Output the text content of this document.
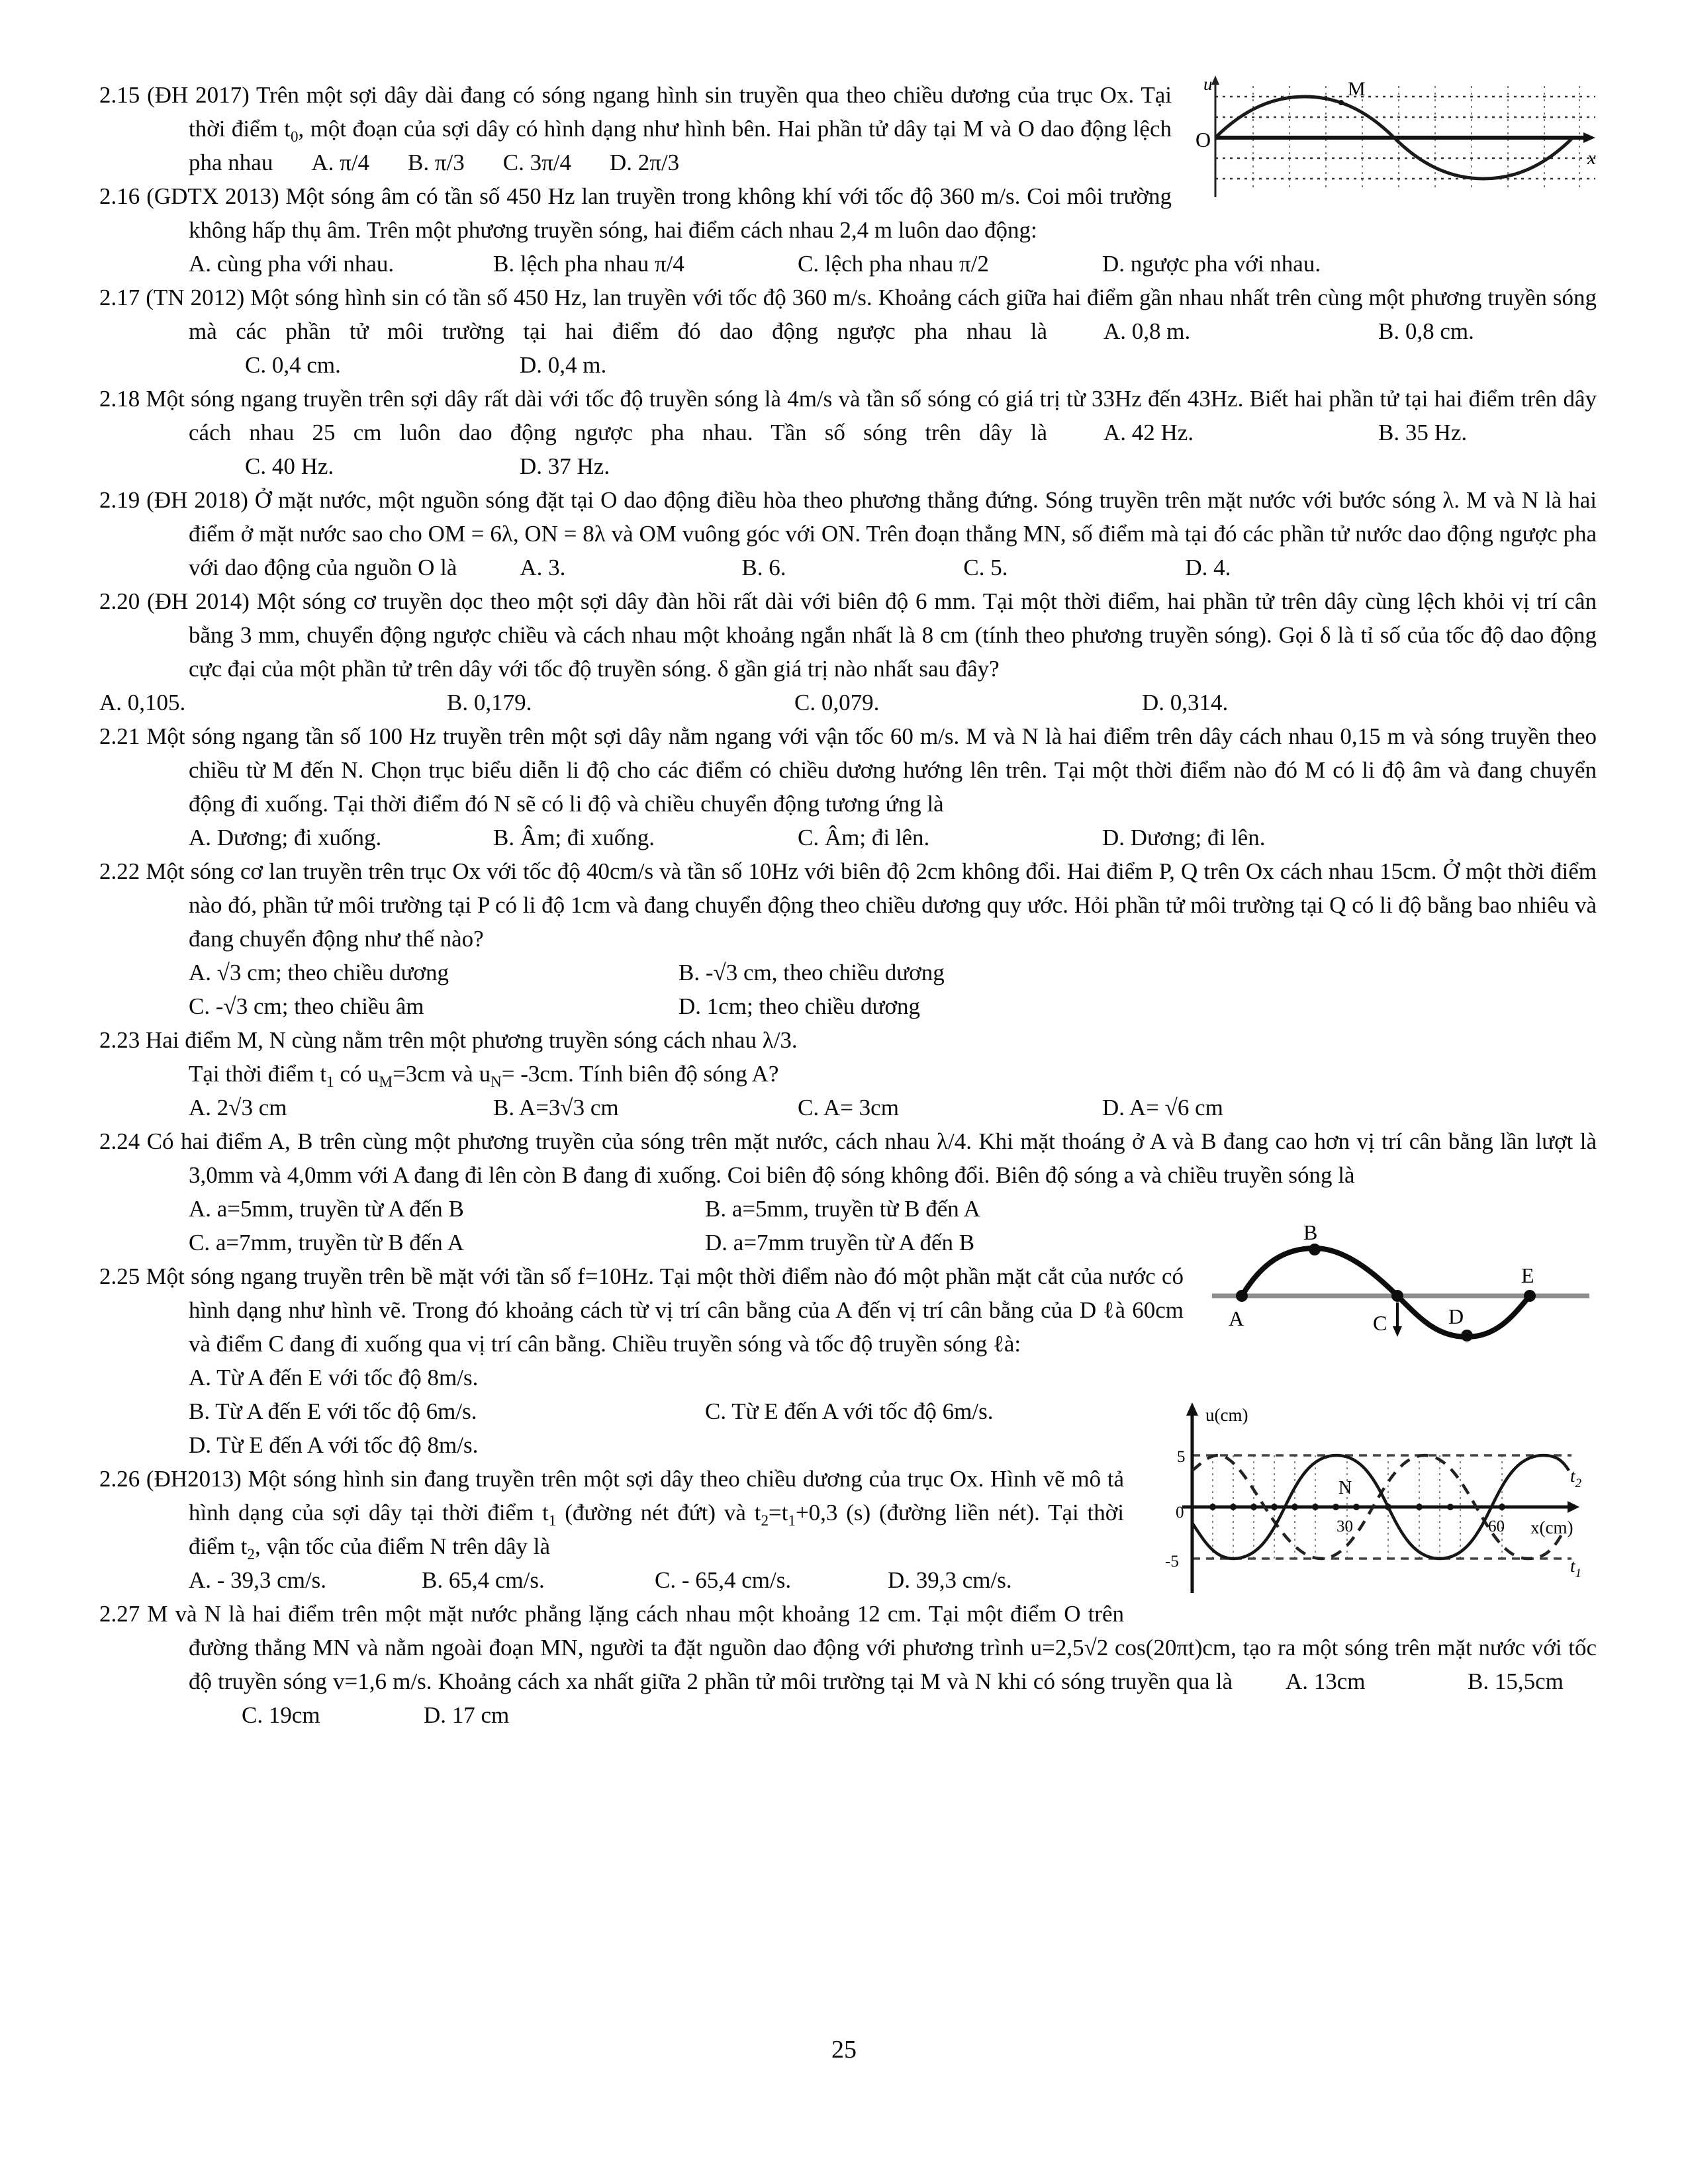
u
O
x
M
2.15 (ĐH 2017) Trên một sợi dây dài đang có sóng ngang hình sin truyền qua theo chiều dương của trục Ox. Tại thời điểm $t_0$, một đoạn của sợi dây có hình dạng như hình bên. Hai phần tử dây tại M và O dao động lệch pha nhau A. π/4 B. π/3 C. 3π/4 D. 2π/3
2.16 (GDTX 2013) Một sóng âm có tần số 450 Hz lan truyền trong không khí với tốc độ 360 m/s. Coi môi trường không hấp thụ âm. Trên một phương truyền sóng, hai điểm cách nhau 2,4 m luôn dao động:
A. cùng pha với nhau.	B. lệch pha nhau π/4	C. lệch pha nhau π/2	D. ngược pha với nhau.
2.17 (TN 2012) Một sóng hình sin có tần số 450 Hz, lan truyền với tốc độ 360 m/s. Khoảng cách giữa hai điểm gần nhau nhất trên cùng một phương truyền sóng mà các phần tử môi trường tại hai điểm đó dao động ngược pha nhau là A. 0,8 m.	B. 0,8 cm.C. 0,4 cm.	D. 0,4 m.
2.18 Một sóng ngang truyền trên sợi dây rất dài với tốc độ truyền sóng là 4m/s và tần số sóng có giá trị từ 33Hz đến 43Hz. Biết hai phần tử tại hai điểm trên dây cách nhau 25 cm luôn dao động ngược pha nhau. Tần số sóng trên dây là A. 42 Hz.	B. 35 Hz.C. 40 Hz.	D. 37 Hz.
2.19 (ĐH 2018) Ở mặt nước, một nguồn sóng đặt tại O dao động điều hòa theo phương thẳng đứng. Sóng truyền trên mặt nước với bước sóng λ. M và N là hai điểm ở mặt nước sao cho OM = 6λ, ON = 8λ và OM vuông góc với ON. Trên đoạn thẳng MN, số điểm mà tại đó các phần tử nước dao động ngược pha với dao động của nguồn O là	A. 3.	B. 6.	C. 5.	D. 4.
2.20 (ĐH 2014) Một sóng cơ truyền dọc theo một sợi dây đàn hồi rất dài với biên độ 6 mm. Tại một thời điểm, hai phần tử trên dây cùng lệch khỏi vị trí cân bằng 3 mm, chuyển động ngược chiều và cách nhau một khoảng ngắn nhất là 8 cm (tính theo phương truyền sóng). Gọi δ là tỉ số của tốc độ dao động cực đại của một phần tử trên dây với tốc độ truyền sóng. δ gần giá trị nào nhất sau đây?
A. 0,105.	B. 0,179.	C. 0,079.	D. 0,314.
2.21 Một sóng ngang tần số 100 Hz truyền trên một sợi dây nằm ngang với vận tốc 60 m/s. M và N là hai điểm trên dây cách nhau 0,15 m và sóng truyền theo chiều từ M đến N. Chọn trục biểu diễn li độ cho các điểm có chiều dương hướng lên trên. Tại một thời điểm nào đó M có li độ âm và đang chuyển động đi xuống. Tại thời điểm đó N sẽ có li độ và chiều chuyển động tương ứng là
A. Dương; đi xuống.	B. Âm; đi xuống.	C. Âm; đi lên.	D. Dương; đi lên.
2.22 Một sóng cơ lan truyền trên trục Ox với tốc độ 40cm/s và tần số 10Hz với biên độ 2cm không đổi. Hai điểm P, Q trên Ox cách nhau 15cm. Ở một thời điểm nào đó, phần tử môi trường tại P có li độ 1cm và đang chuyển động theo chiều dương quy ước. Hỏi phần tử môi trường tại Q có li độ bằng bao nhiêu và đang chuyển động như thế nào?
A. √3 cm; theo chiều dương	B. -√3 cm, theo chiều dươngC. -√3 cm; theo chiều âm	D. 1cm; theo chiều dương
2.23 Hai điểm M, N cùng nằm trên một phương truyền sóng cách nhau λ/3.
Tại thời điểm $t_1$ có $u_M=3cm$ và $u_N= -3cm$. Tính biên độ sóng A?
A. 2√3 cm	B. A=3√3 cm	C. A= 3cm	D. A= √6 cm
2.24 Có hai điểm A, B trên cùng một phương truyền của sóng trên mặt nước, cách nhau λ/4. Khi mặt thoáng ở A và B đang cao hơn vị trí cân bằng lần lượt là 3,0mm và 4,0mm với A đang đi lên còn B đang đi xuống. Coi biên độ sóng không đổi. Biên độ sóng a và chiều truyền sóng là
A. a=5mm, truyền từ A đến B	B. a=5mm, truyền từ B đến AC. a=7mm, truyền từ B đến A	D. a=7mm truyền từ A đến B
A
B
C	D
E
2.25 Một sóng ngang truyền trên bề mặt với tần số f=10Hz. Tại một thời điểm nào đó một phần mặt cắt của nước có hình dạng như hình vẽ. Trong đó khoảng cách từ vị trí cân bằng của A đến vị trí cân bằng của D ℓà 60cm và điểm C đang đi xuống qua vị trí cân bằng. Chiều truyền sóng và tốc độ truyền sóng ℓà:
A. Từ A đến E với tốc độ 8m/s.B. Từ A đến E với tốc độ 6m/s.	C. Từ E đến A với tốc độ 6m/s.D. Từ E đến A với tốc độ 8m/s.
u(cm)
x(cm)
5
-5
0
30	60
N
$t_2$
$t_1$
2.26 (ĐH2013) Một sóng hình sin đang truyền trên một sợi dây theo chiều dương của trục Ox. Hình vẽ mô tả hình dạng của sợi dây tại thời điểm $t_1$ (đường nét đứt) và $t_2=t_1+0,3$ (s) (đường liền nét). Tại thời điểm $t_2$, vận tốc của điểm N trên dây là
A. - 39,3 cm/s.	B. 65,4 cm/s.	C. - 65,4 cm/s.	D. 39,3 cm/s.
2.27 M và N là hai điểm trên một mặt nước phẳng lặng cách nhau một khoảng 12 cm. Tại một điểm O trên đường thẳng MN và nằm ngoài đoạn MN, người ta đặt nguồn dao động với phương trình u=2,5√2 cos(20πt)cm, tạo ra một sóng trên mặt nước với tốc độ truyền sóng v=1,6 m/s. Khoảng cách xa nhất giữa 2 phần tử môi trường tại M và N khi có sóng truyền qua là A. 13cm	B. 15,5cmC. 19cm	D. 17 cm
25
